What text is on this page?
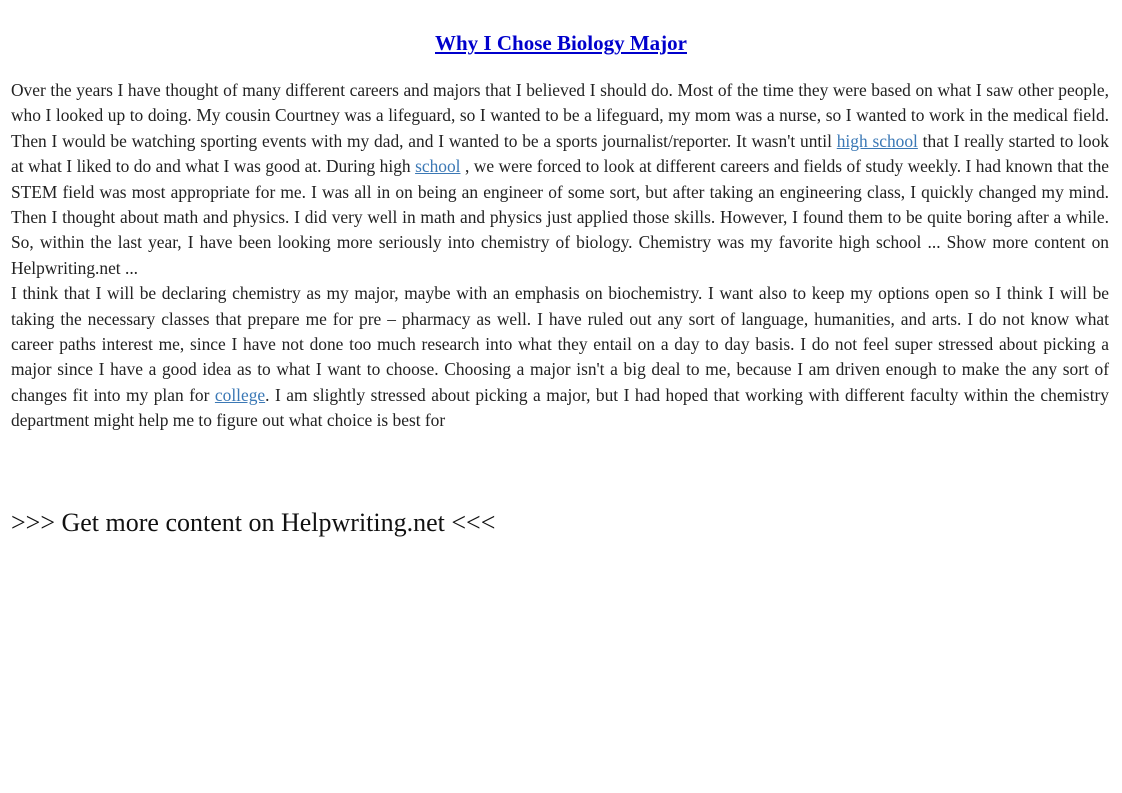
Why I Chose Biology Major

Over the years I have thought of many different careers and majors that I believed I should do. Most of the time they were based on what I saw other people, who I looked up to doing. My cousin Courtney was a lifeguard, so I wanted to be a lifeguard, my mom was a nurse, so I wanted to work in the medical field. Then I would be watching sporting events with my dad, and I wanted to be a sports journalist/reporter. It wasn't until high school that I really started to look at what I liked to do and what I was good at. During high school , we were forced to look at different careers and fields of study weekly. I had known that the STEM field was most appropriate for me. I was all in on being an engineer of some sort, but after taking an engineering class, I quickly changed my mind. Then I thought about math and physics. I did very well in math and physics just applied those skills. However, I found them to be quite boring after a while. So, within the last year, I have been looking more seriously into chemistry of biology. Chemistry was my favorite high school ... Show more content on Helpwriting.net ...

I think that I will be declaring chemistry as my major, maybe with an emphasis on biochemistry. I want also to keep my options open so I think I will be taking the necessary classes that prepare me for pre – pharmacy as well. I have ruled out any sort of language, humanities, and arts. I do not know what career paths interest me, since I have not done too much research into what they entail on a day to day basis. I do not feel super stressed about picking a major since I have a good idea as to what I want to choose. Choosing a major isn't a big deal to me, because I am driven enough to make the any sort of changes fit into my plan for college. I am slightly stressed about picking a major, but I had hoped that working with different faculty within the chemistry department might help me to figure out what choice is best for

>>> Get more content on Helpwriting.net <<<
